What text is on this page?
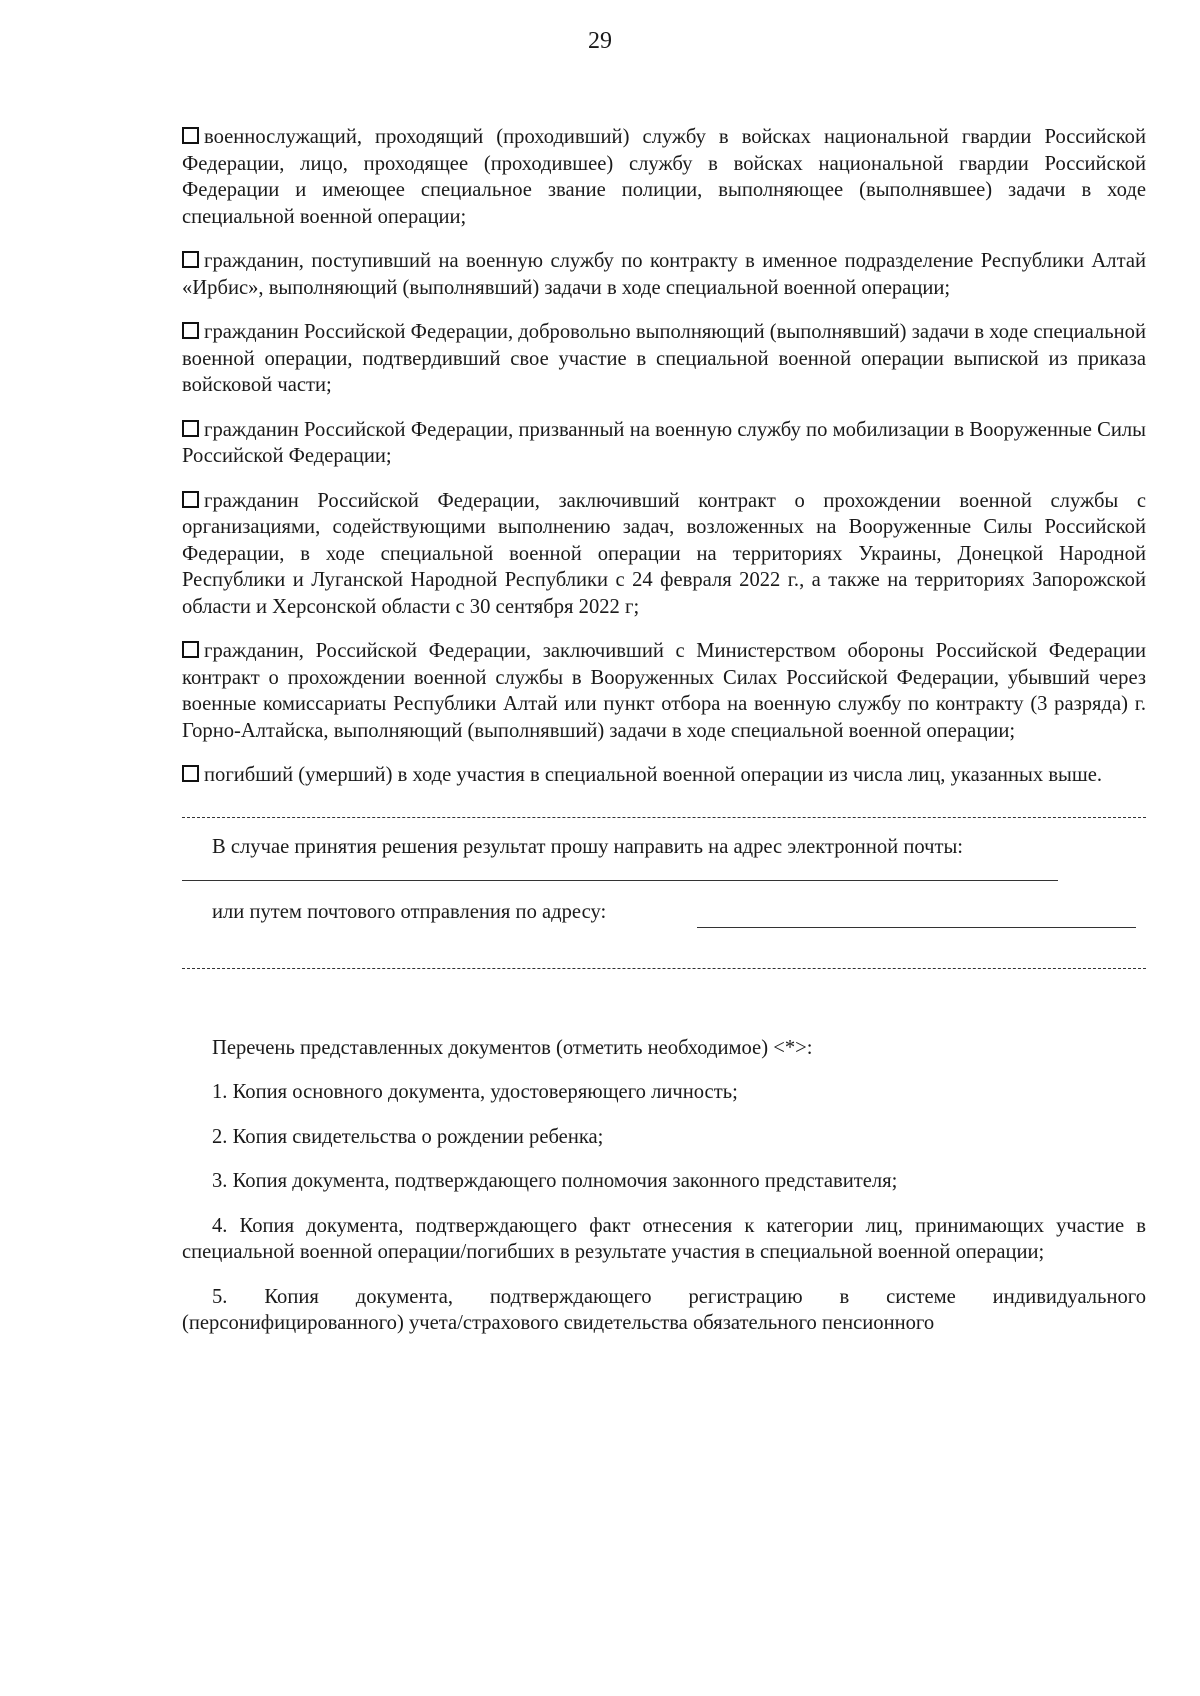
29

военнослужащий, проходящий (проходивший) службу в войсках национальной гвардии Российской Федерации, лицо, проходящее (проходившее) службу в войсках национальной гвардии Российской Федерации и имеющее специальное звание полиции, выполняющее (выполнявшее) задачи в ходе специальной военной операции;

гражданин, поступивший на военную службу по контракту в именное подразделение Республики Алтай «Ирбис», выполняющий (выполнявший) задачи в ходе специальной военной операции;

гражданин Российской Федерации, добровольно выполняющий (выполнявший) задачи в ходе специальной военной операции, подтвердивший свое участие в специальной военной операции выпиской из приказа войсковой части;

гражданин Российской Федерации, призванный на военную службу по мобилизации в Вооруженные Силы Российской Федерации;

гражданин Российской Федерации, заключивший контракт о прохождении военной службы с организациями, содействующими выполнению задач, возложенных на Вооруженные Силы Российской Федерации, в ходе специальной военной операции на территориях Украины, Донецкой Народной Республики и Луганской Народной Республики с 24 февраля 2022 г., а также на территориях Запорожской области и Херсонской области с 30 сентября 2022 г;

гражданин, Российской Федерации, заключивший с Министерством обороны Российской Федерации контракт о прохождении военной службы в Вооруженных Силах Российской Федерации, убывший через военные комиссариаты Республики Алтай или пункт отбора на военную службу по контракту (3 разряда) г. Горно-Алтайска, выполняющий (выполнявший) задачи в ходе специальной военной операции;

погибший (умерший) в ходе участия в специальной военной операции из числа лиц, указанных выше.

В случае принятия решения результат прошу направить на адрес электронной почты:

или путем почтового отправления по адресу:

Перечень представленных документов (отметить необходимое) <*>:

1. Копия основного документа, удостоверяющего личность;

2. Копия свидетельства о рождении ребенка;

3. Копия документа, подтверждающего полномочия законного представителя;

4. Копия документа, подтверждающего факт отнесения к категории лиц, принимающих участие в специальной военной операции/погибших в результате участия в специальной военной операции;

5. Копия документа, подтверждающего регистрацию в системе индивидуального (персонифицированного) учета/страхового свидетельства обязательного пенсионного
